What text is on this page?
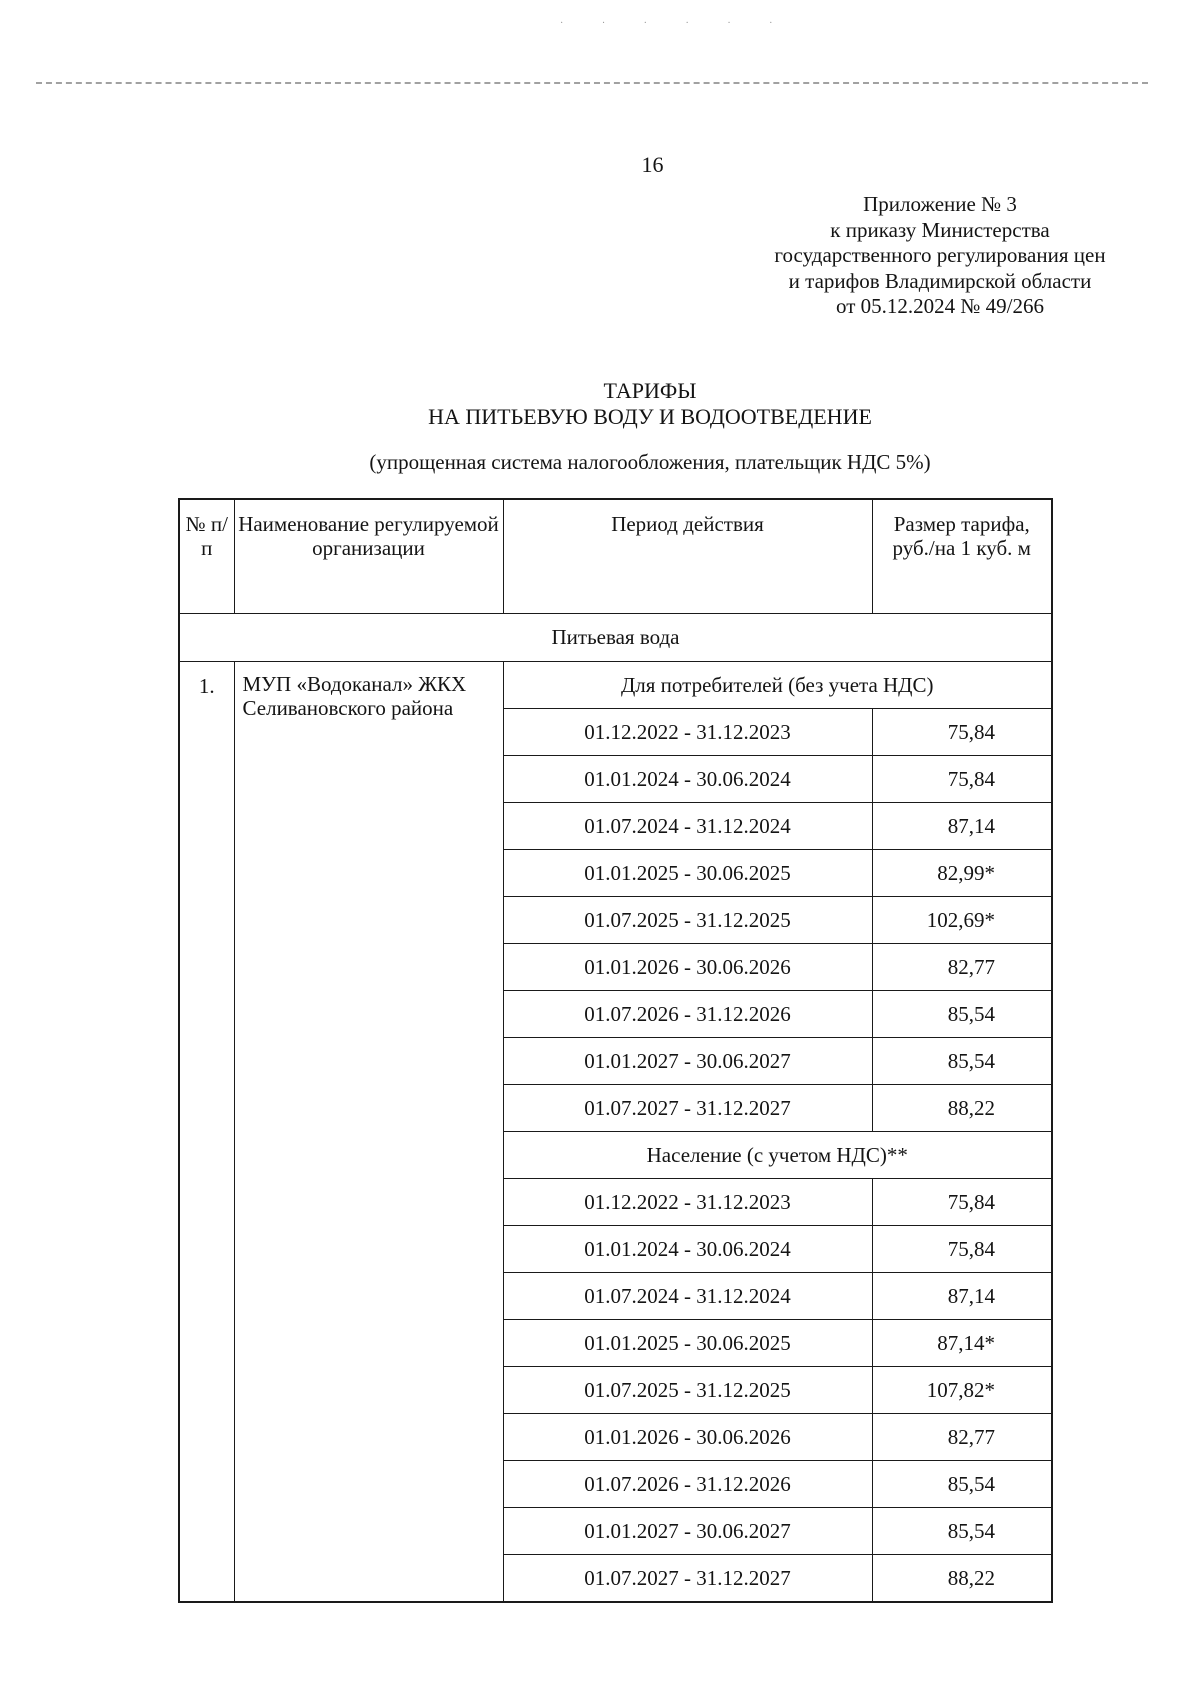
· · · · · ·
16
Приложение № 3
к приказу Министерства
государственного регулирования цен
и тарифов Владимирской области
от 05.12.2024 № 49/266
ТАРИФЫ
НА ПИТЬЕВУЮ ВОДУ И ВОДООТВЕДЕНИЕ
(упрощенная система налогообложения, плательщик НДС 5%)
№ п/п	Наименование регулируемой организации	Период действия	Размер тарифа, руб./на 1 куб. м
Питьевая вода			
1.	МУП «Водоканал» ЖКХ Селивановского района	Для потребителей (без учета НДС)	
		01.12.2022 - 31.12.2023	75,84
		01.01.2024 - 30.06.2024	75,84
		01.07.2024 - 31.12.2024	87,14
		01.01.2025 - 30.06.2025	82,99*
		01.07.2025 - 31.12.2025	102,69*
		01.01.2026 - 30.06.2026	82,77
		01.07.2026 - 31.12.2026	85,54
		01.01.2027 - 30.06.2027	85,54
		01.07.2027 - 31.12.2027	88,22
		Население (с учетом НДС)**	
		01.12.2022 - 31.12.2023	75,84
		01.01.2024 - 30.06.2024	75,84
		01.07.2024 - 31.12.2024	87,14
		01.01.2025 - 30.06.2025	87,14*
		01.07.2025 - 31.12.2025	107,82*
		01.01.2026 - 30.06.2026	82,77
		01.07.2026 - 31.12.2026	85,54
		01.01.2027 - 30.06.2027	85,54
		01.07.2027 - 31.12.2027	88,22
